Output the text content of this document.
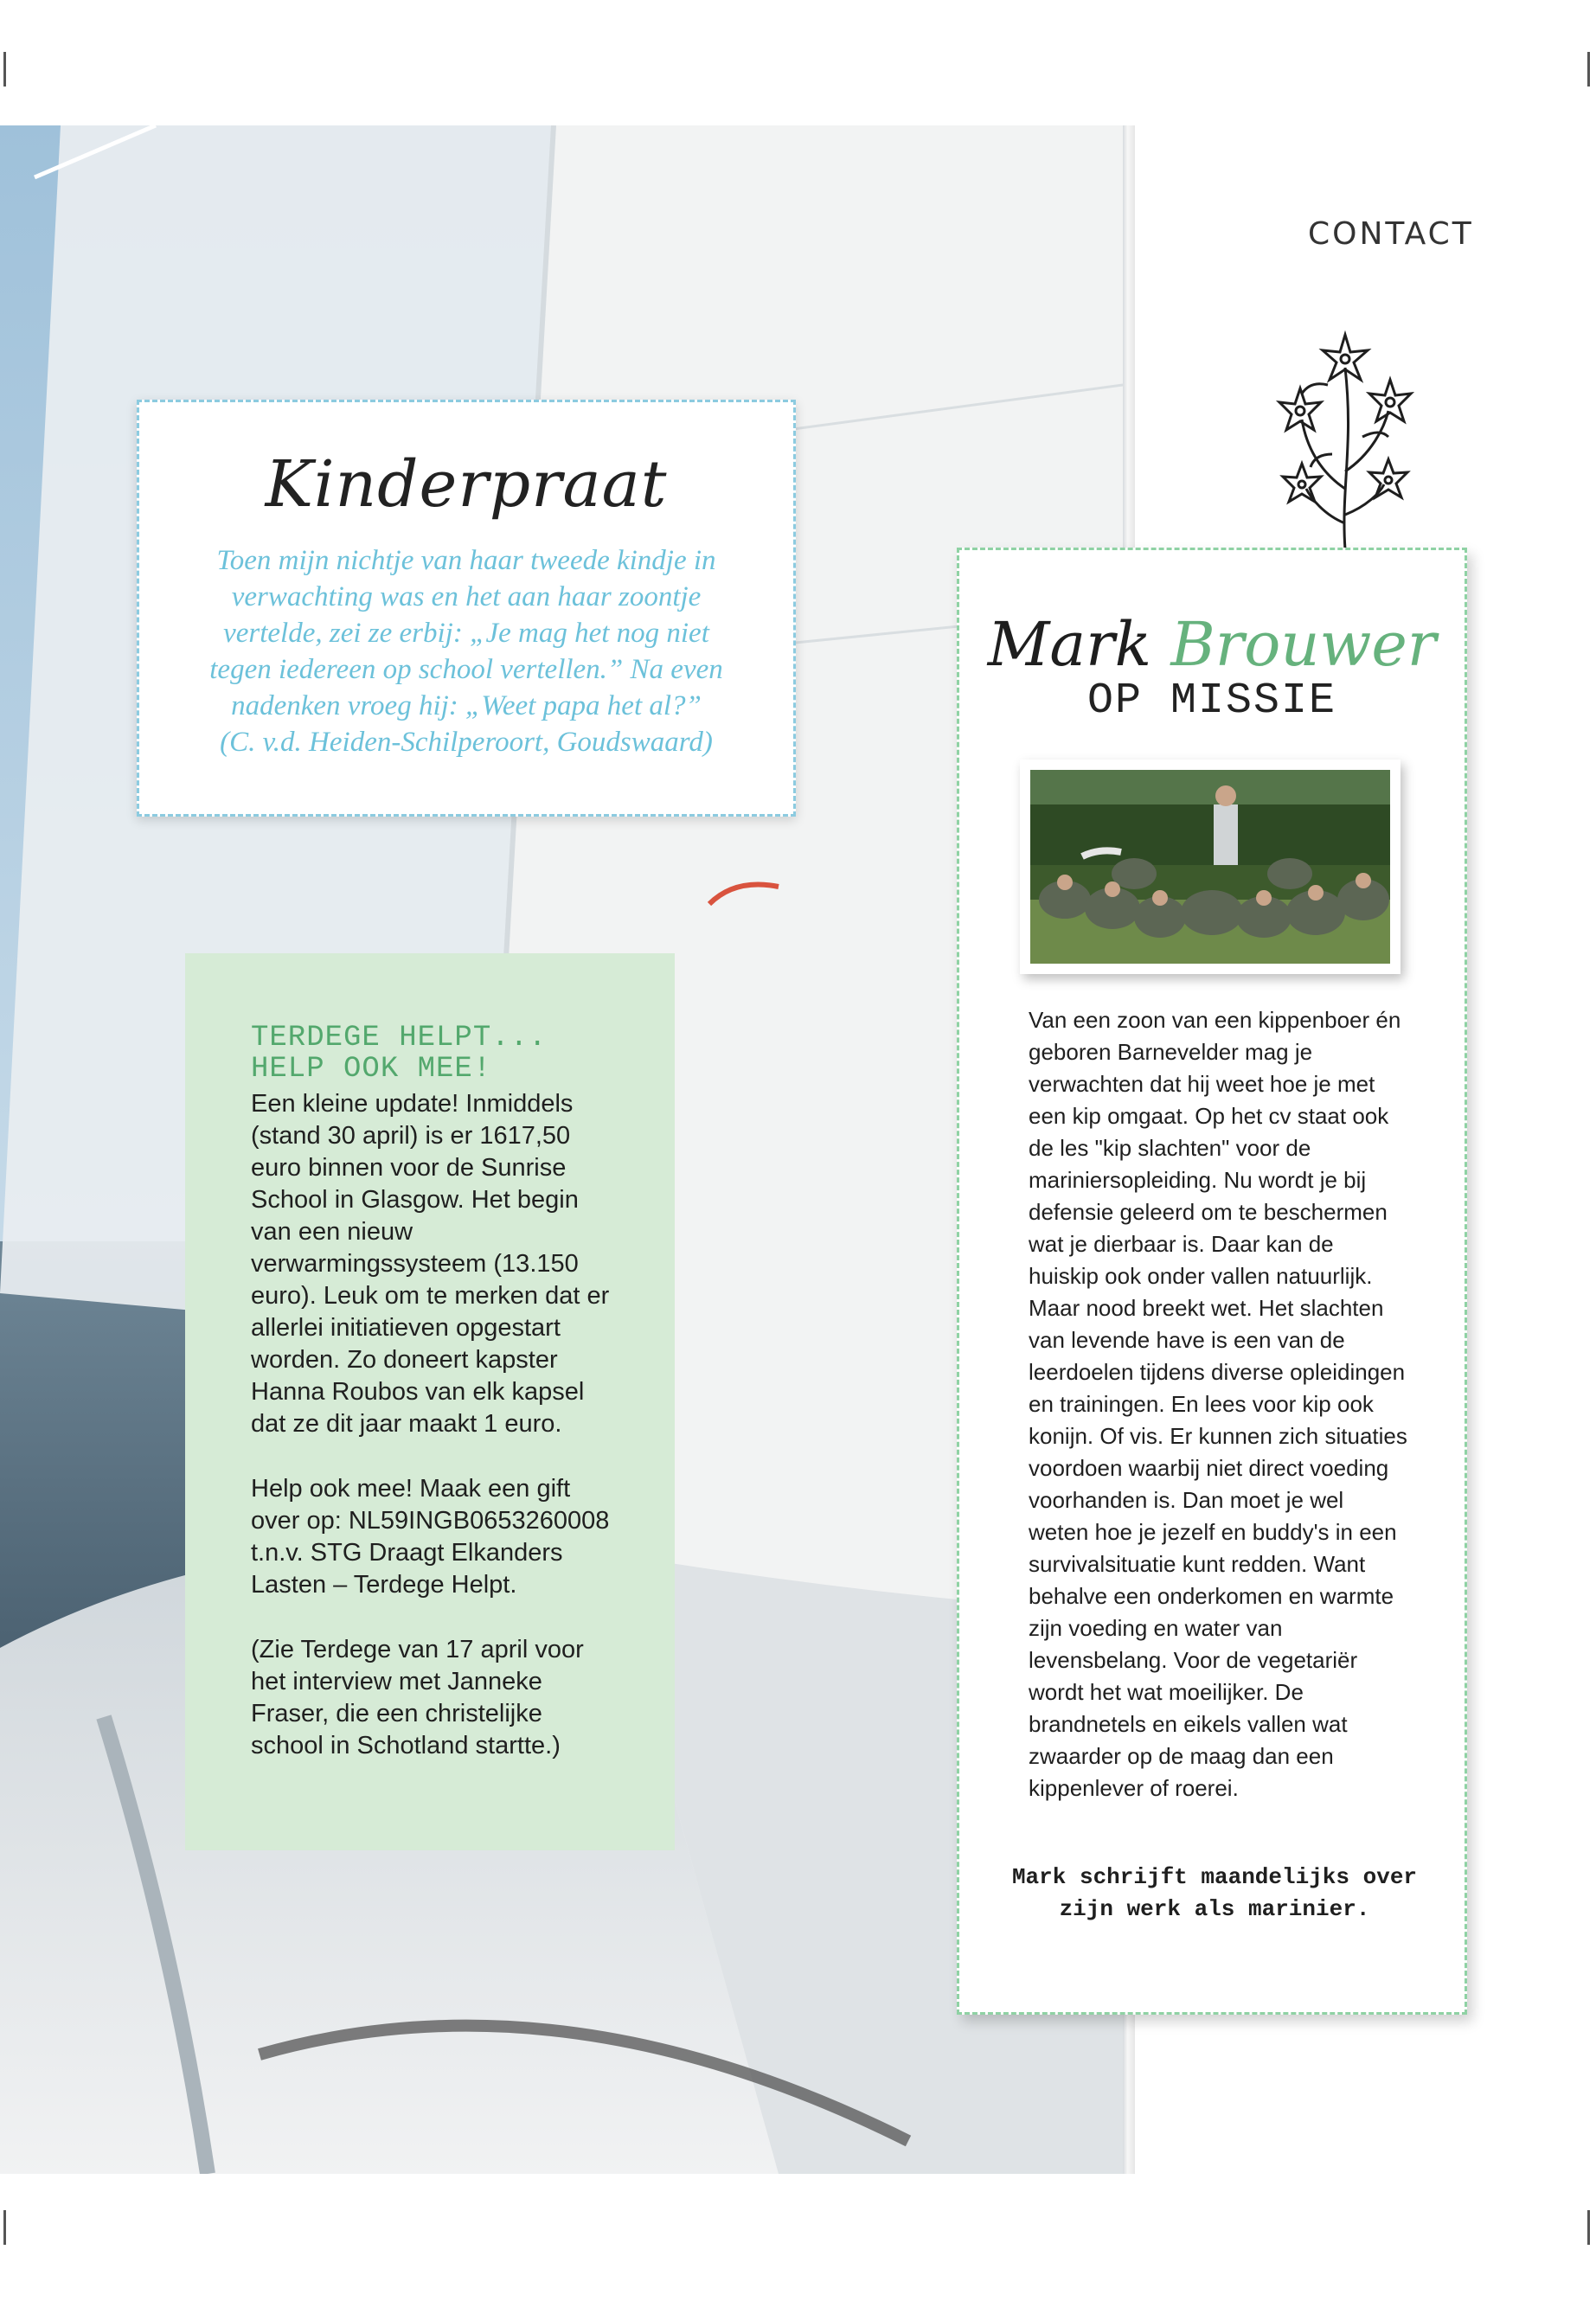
Kinderpraat
Toen mijn nichtje van haar tweede kindje in verwachting was en het aan haar zoontje vertelde, zei ze erbij: „Je mag het nog niet tegen iedereen op school vertellen.” Na even nadenken vroeg hij: „Weet papa het al?”
(C. v.d. Heiden-Schilperoort, Goudswaard)
TERDEGE HELPT...
HELP OOK MEE!

Een kleine update! Inmiddels (stand 30 april) is er 1617,50 euro binnen voor de Sunrise School in Glasgow. Het begin van een nieuw verwarmingssysteem (13.150 euro). Leuk om te merken dat er allerlei initiatieven opgestart worden. Zo doneert kapster Hanna Roubos van elk kapsel dat ze dit jaar maakt 1 euro.

Help ook mee! Maak een gift over op: NL59INGB0653260008 t.n.v. STG Draagt Elkanders Lasten – Terdege Helpt.

(Zie Terdege van 17 april voor het interview met Janneke Fraser, die een christelijke school in Schotland startte.)

CONTACT
Mark Brouwer
OP MISSIE

Van een zoon van een kippenboer én geboren Barnevelder mag je verwachten dat hij weet hoe je met een kip omgaat. Op het cv staat ook de les "kip slachten" voor de mariniersopleiding. Nu wordt je bij defensie geleerd om te beschermen wat je dierbaar is. Daar kan de huiskip ook onder vallen natuurlijk. Maar nood breekt wet. Het slachten van levende have is een van de leerdoelen tijdens diverse opleidingen en trainingen. En lees voor kip ook konijn. Of vis. Er kunnen zich situaties voordoen waarbij niet direct voeding voorhanden is. Dan moet je wel weten hoe je jezelf en buddy's in een survivalsituatie kunt redden. Want behalve een onderkomen en warmte zijn voeding en water van levensbelang. Voor de vegetariër wordt het wat moeilijker. De brandnetels en eikels vallen wat zwaarder op de maag dan een kippenlever of roerei.

Mark schrijft maandelijks over zijn werk als marinier.
